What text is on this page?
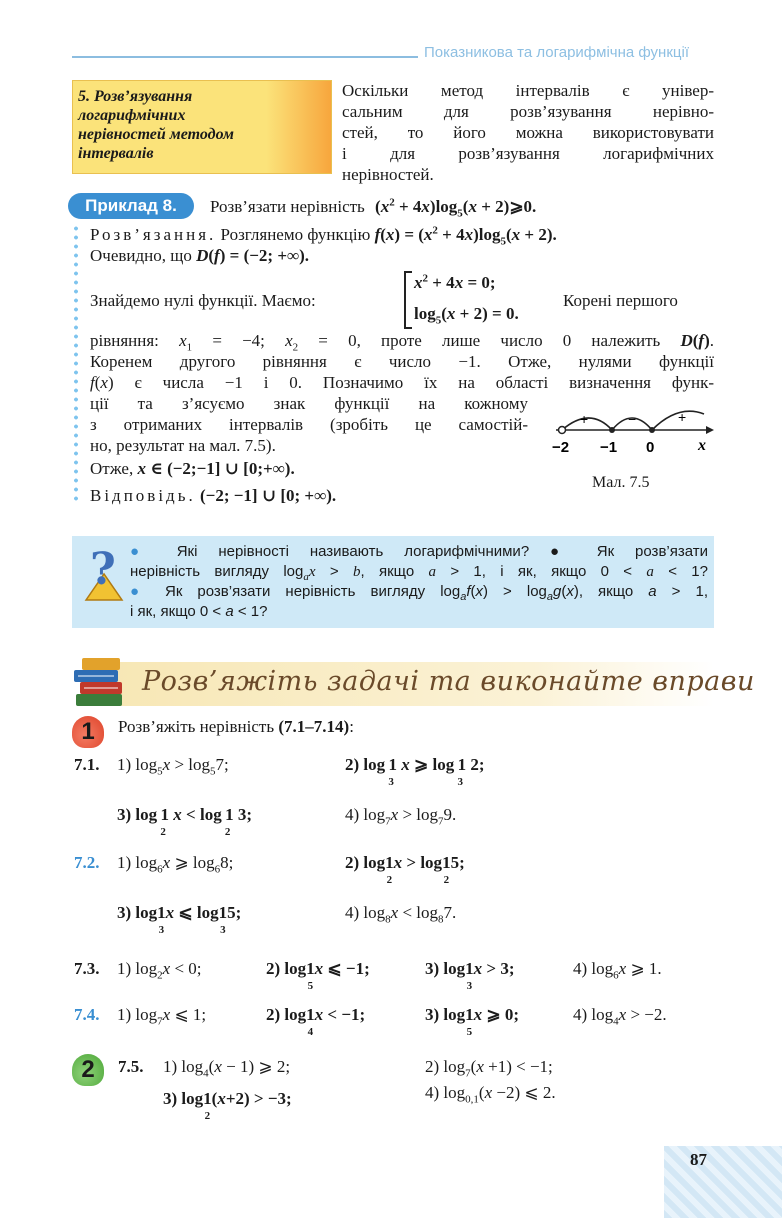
Показникова та логарифмічна функції
5. Розв’язування
логарифмічних
нерівностей методом
інтервалів
Оскільки метод інтервалів є універ-
сальним для розв’язування нерівно-
стей, то його можна використовувати
і для розв’язування логарифмічних
нерівностей.
Приклад 8.	Розв’язати нерівність $(x^2 + 4x)\log_5(x$ + 2)⩾0.
Розв’язання. Розглянемо функцію $f(x) = (x^2 + 4x)\log_5(x + 2)$.
Очевидно, що D(f) = (−2; +∞).
Знайдемо нулі функції. Маємо:
$x^2 + 4x = 0$;
$\log_5(x + 2) = 0$.
Корені першого
рівняння: $x_1 = -4$; $x_2 = 0$, проте лише число 0 належить D(f).
Коренем другого рівняння є число −1. Отже, нулями функції
f(x) є числа −1 і 0. Позначимо їх на області визначення функ-
ції та з’ясуємо знак функції на кожному
з отриманих інтервалів (зробіть це самостій-
но, результат на мал. 7.5).
Отже, x ∈ (−2;−1] ∪ [0;+∞).
Відповідь. (−2; −1] ∪ [0; +∞).
+	−	+
−2 −1 0	x
Мал. 7.5
? ● Які нерівності називають логарифмічними? ● Як розв’язати
нерівність вигляду $\log_ax > b$, якщо a > 1, і як, якщо 0 < a < 1?
● Як розв’язати нерівність вигляду $\log_af(x) > \log_ag(x)$, якщо a > 1,
і як, якщо 0 < a < 1?
Розв’яжіть задачі та виконайте вправи
1	Розв’яжіть нерівність (7.1–7.14):
7.1. 1) $\log_5x > \log_57$;	2) log  1
3
x ⩾ log  1
3
2;
3) log  1
2
x < log  1
2
3;	4) $\log_7x > \log_79$.
7.2. 1) $\log_6x$ ⩾ $\log_68$;	2) log1
2
x > log1
2
5;
3) log1
3
x ⩽ log1
3
5;	4) $\log_8x < \log_87$.
7.3. 1) $\log_2x < 0$;	2) log1
5
x ⩽ −1;	3) log1
3
x > 3;	4) $\log_6x$ ⩾ 1.
7.4. 1) $\log_7x$ ⩽ 1;	2) log1
4
x < −1;	3) log1
5
x ⩾ 0;	4) $\log_4x > -2$.
2	7.5. 1) $\log_4(x - 1)$ ⩾ 2;	2) $\log_7(x +1) < -1$;
3) log1
2
(x+2) > −3;	4) $\log_{0,1}(x -2)$ ⩽ 2.
87
